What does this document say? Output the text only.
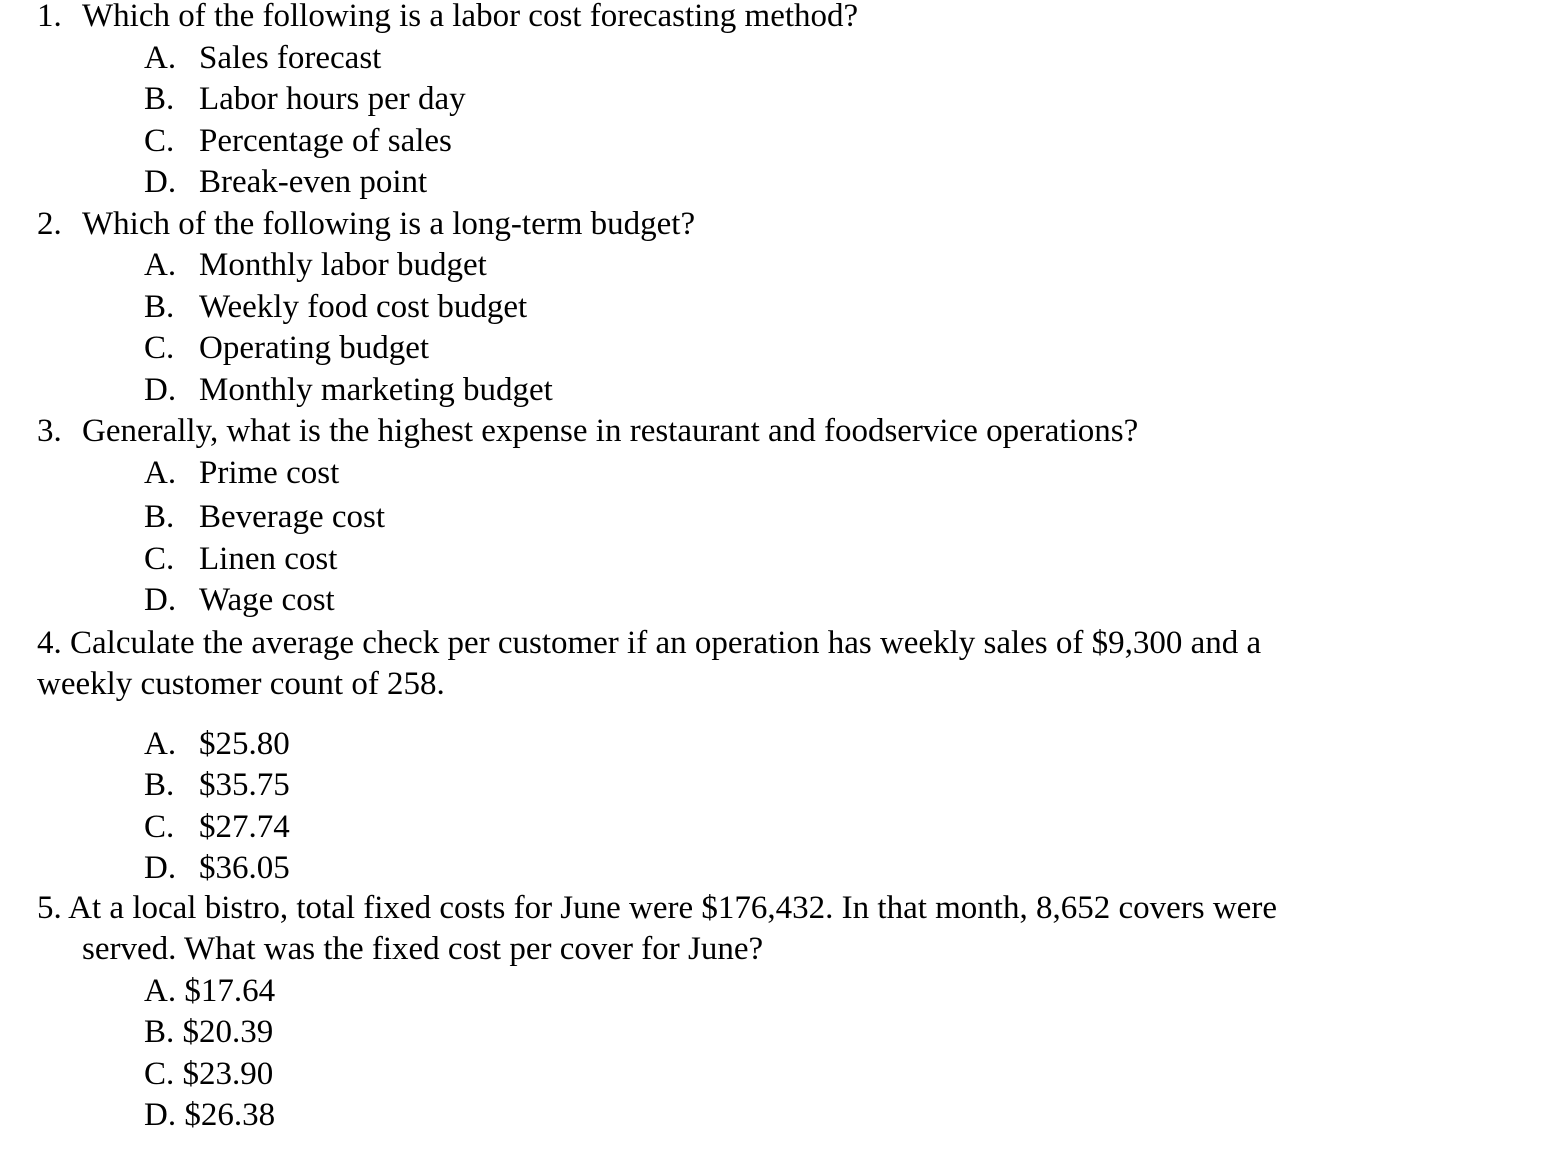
1. Which of the following is a labor cost forecasting method?
A. Sales forecast
B. Labor hours per day
C. Percentage of sales
D. Break-even point
2. Which of the following is a long-term budget?
A. Monthly labor budget
B. Weekly food cost budget
C. Operating budget
D. Monthly marketing budget
3. Generally, what is the highest expense in restaurant and foodservice operations?
A. Prime cost
B. Beverage cost
C. Linen cost
D. Wage cost
4. Calculate the average check per customer if an operation has weekly sales of $9,300 and a
weekly customer count of 258.
A. $25.80
B. $35.75
C. $27.74
D. $36.05
5. At a local bistro, total fixed costs for June were $176,432. In that month, 8,652 covers were
served. What was the fixed cost per cover for June?
A. $17.64
B. $20.39
C. $23.90
D. $26.38
